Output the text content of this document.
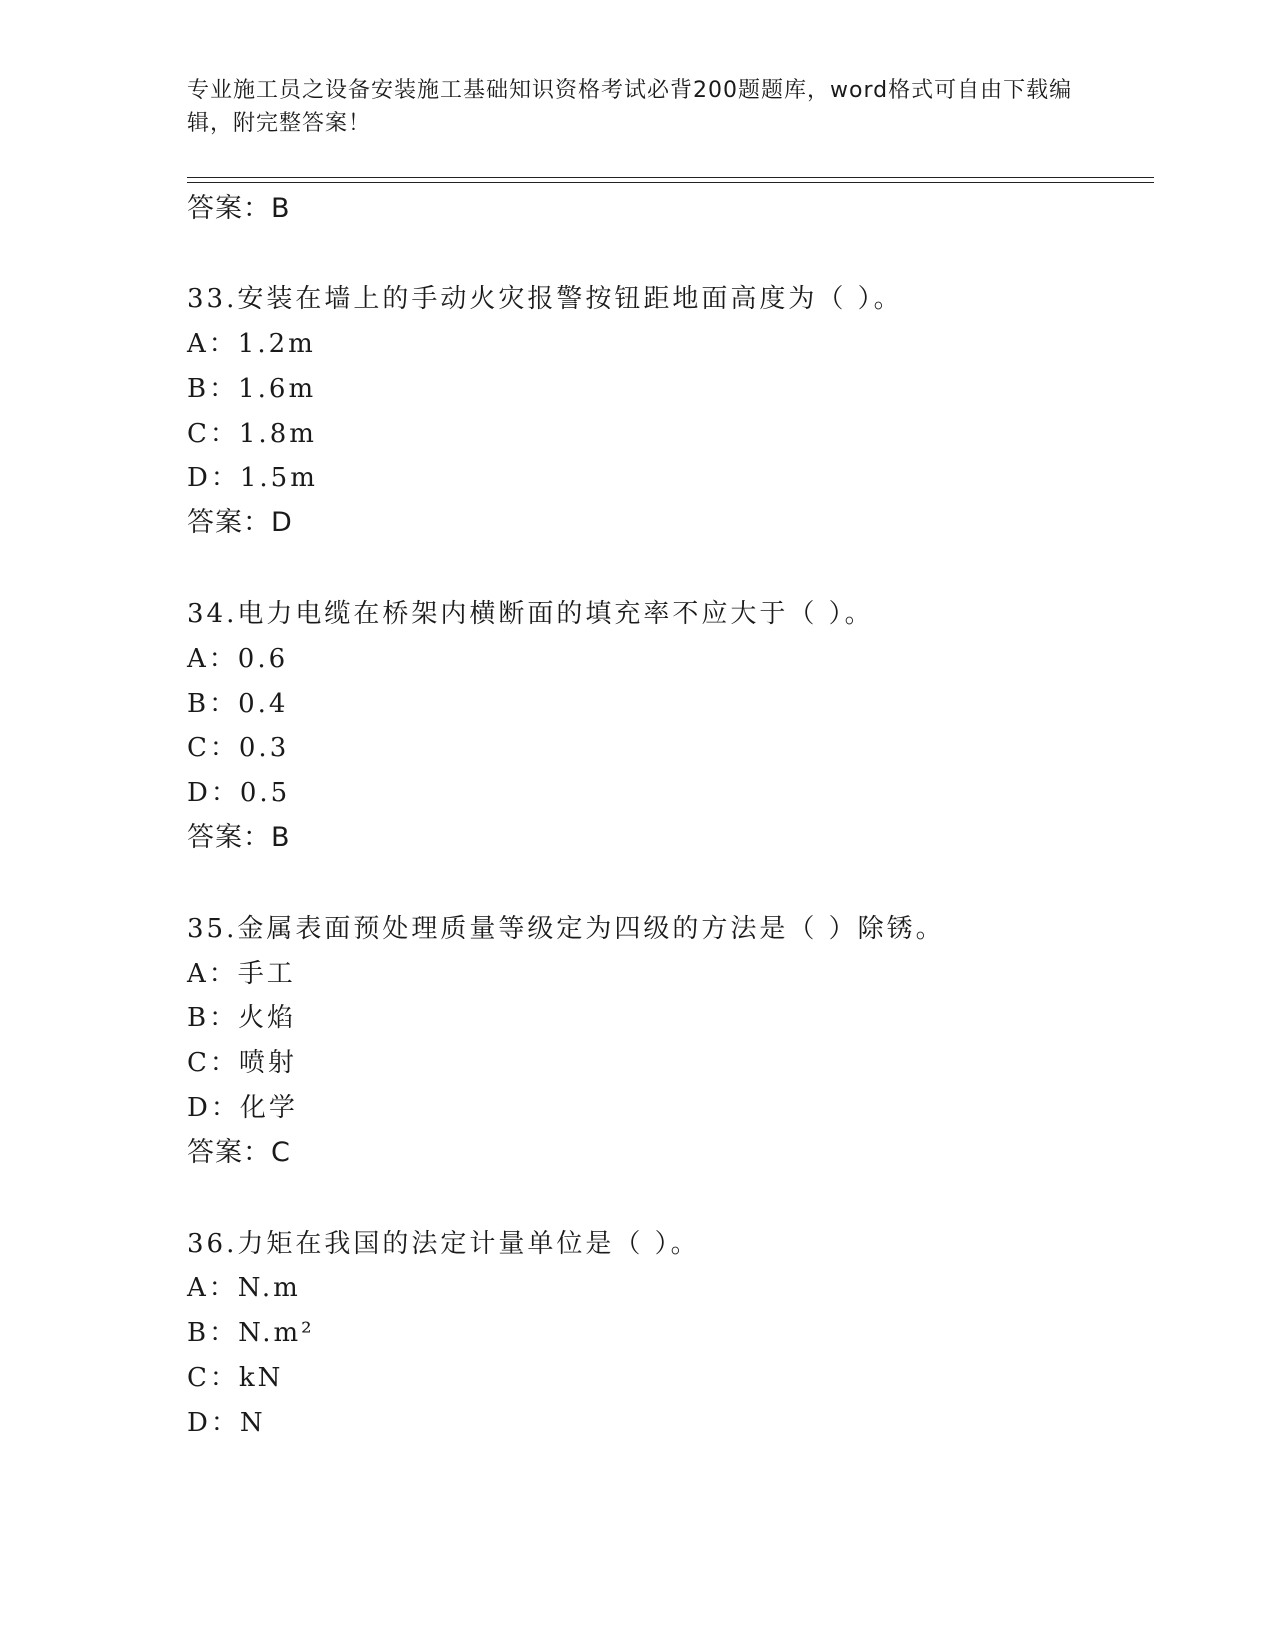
专业施工员之设备安装施工基础知识资格考试必背200题题库，word格式可自由下载编辑，附完整答案！
答案：B
33.安装在墙上的手动火灾报警按钮距地面高度为（ ）。
A：1.2m
B：1.6m
C：1.8m
D：1.5m
答案：D
34.电力电缆在桥架内横断面的填充率不应大于（ ）。
A：0.6
B：0.4
C：0.3
D：0.5
答案：B
35.金属表面预处理质量等级定为四级的方法是（ ）除锈。
A：手工
B：火焰
C：喷射
D：化学
答案：C
36.力矩在我国的法定计量单位是（ ）。
A：N.m
B：N.m²
C：kN
D：N
